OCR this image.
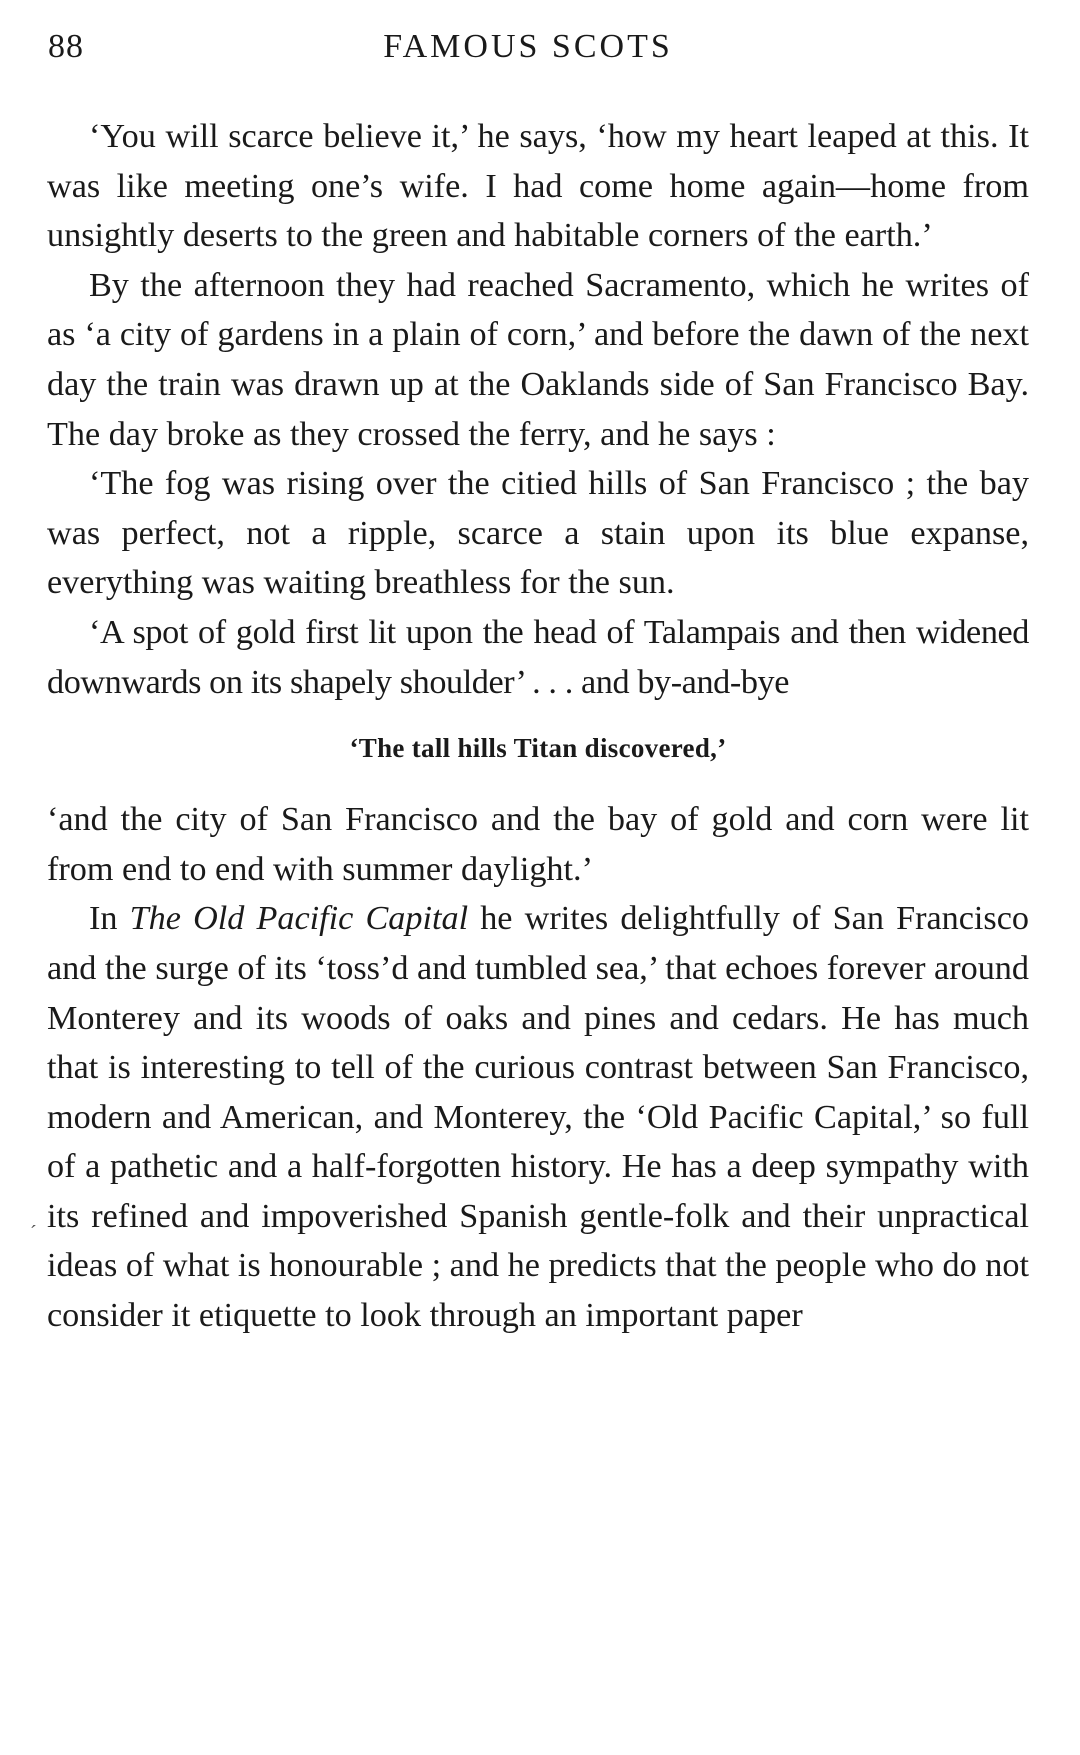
88	FAMOUS SCOTS

‘You will scarce believe it,’ he says, ‘how my heart leaped at this. It was like meeting one’s wife. I had come home again—home from unsightly deserts to the green and habitable corners of the earth.’

By the afternoon they had reached Sacramento, which he writes of as ‘a city of gardens in a plain of corn,’ and before the dawn of the next day the train was drawn up at the Oaklands side of San Francisco Bay. The day broke as they crossed the ferry, and he says :

‘The fog was rising over the citied hills of San Francisco ; the bay was perfect, not a ripple, scarce a stain upon its blue expanse, everything was waiting breathless for the sun.

‘A spot of gold first lit upon the head of Talampais and then widened downwards on its shapely shoulder’ . . . and by-and-bye

‘The tall hills Titan discovered,’

‘and the city of San Francisco and the bay of gold and corn were lit from end to end with summer daylight.’

In The Old Pacific Capital he writes delightfully of San Francisco and the surge of its ‘toss’d and tumbled sea,’ that echoes forever around Monterey and its woods of oaks and pines and cedars. He has much that is interesting to tell of the curious contrast between San Francisco, modern and American, and Monterey, the ‘Old Pacific Capital,’ so full of a pathetic and a half-forgotten history. He has a deep sympathy with its refined and impoverished Spanish gentle-folk and their unpractical ideas of what is honourable ; and he predicts that the people who do not consider it etiquette to look through an important paper

´
